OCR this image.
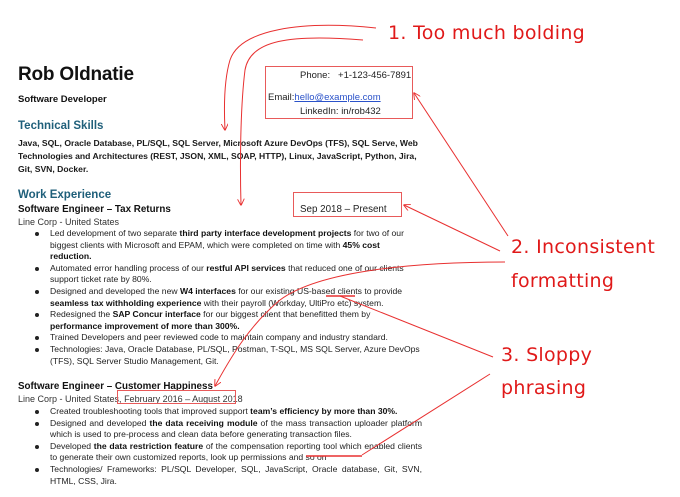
Rob Oldnatie
Software Developer
Phone: +1-123-456-7891
Email:hello@example.com
LinkedIn: in/rob432
Technical Skills
Java, SQL, Oracle Database, PL/SQL, SQL Server, Microsoft Azure DevOps (TFS), SQL Serve, Web Technologies and Architectures (REST, JSON, XML, SOAP, HTTP), Linux, JavaScript, Python, Jira, Git, SVN, Docker.
Work Experience
Software Engineer – Tax Returns	Sep 2018 – Present
Line Corp - United States
Led development of two separate third party interface development projects for two of our biggest clients with Microsoft and EPAM, which were completed on time with 45% cost reduction.
Automated error handling process of our restful API services that reduced one of our clients support ticket rate by 80%.
Designed and developed the new W4 interfaces for our existing US-based clients to provide seamless tax withholding experience with their payroll (Workday, UltiPro etc) system.
Redesigned the SAP Concur interface for our biggest client that benefitted them by performance improvement of more than 300%.
Trained Developers and peer reviewed code to maintain company and industry standard.
Technologies: Java, Oracle Database, PL/SQL, Postman, T-SQL, MS SQL Server, Azure DevOps (TFS), SQL Server Studio Management, Git.
Software Engineer – Customer Happiness
Line Corp - United States, February 2016 – August 2018
Created troubleshooting tools that improved support team’s efficiency by more than 30%.
Designed and developed the data receiving module of the mass transaction uploader platform which is used to pre-process and clean data before generating transaction files.
Developed the data restriction feature of the compensation reporting tool which enabled clients to generate their own customized reports, look up permissions and so on
Technologies/ Frameworks: PL/SQL Developer, SQL, JavaScript, Oracle database, Git, SVN, HTML, CSS, Jira.
1. Too much bolding
2. Inconsistent
formatting
3. Sloppy
phrasing
